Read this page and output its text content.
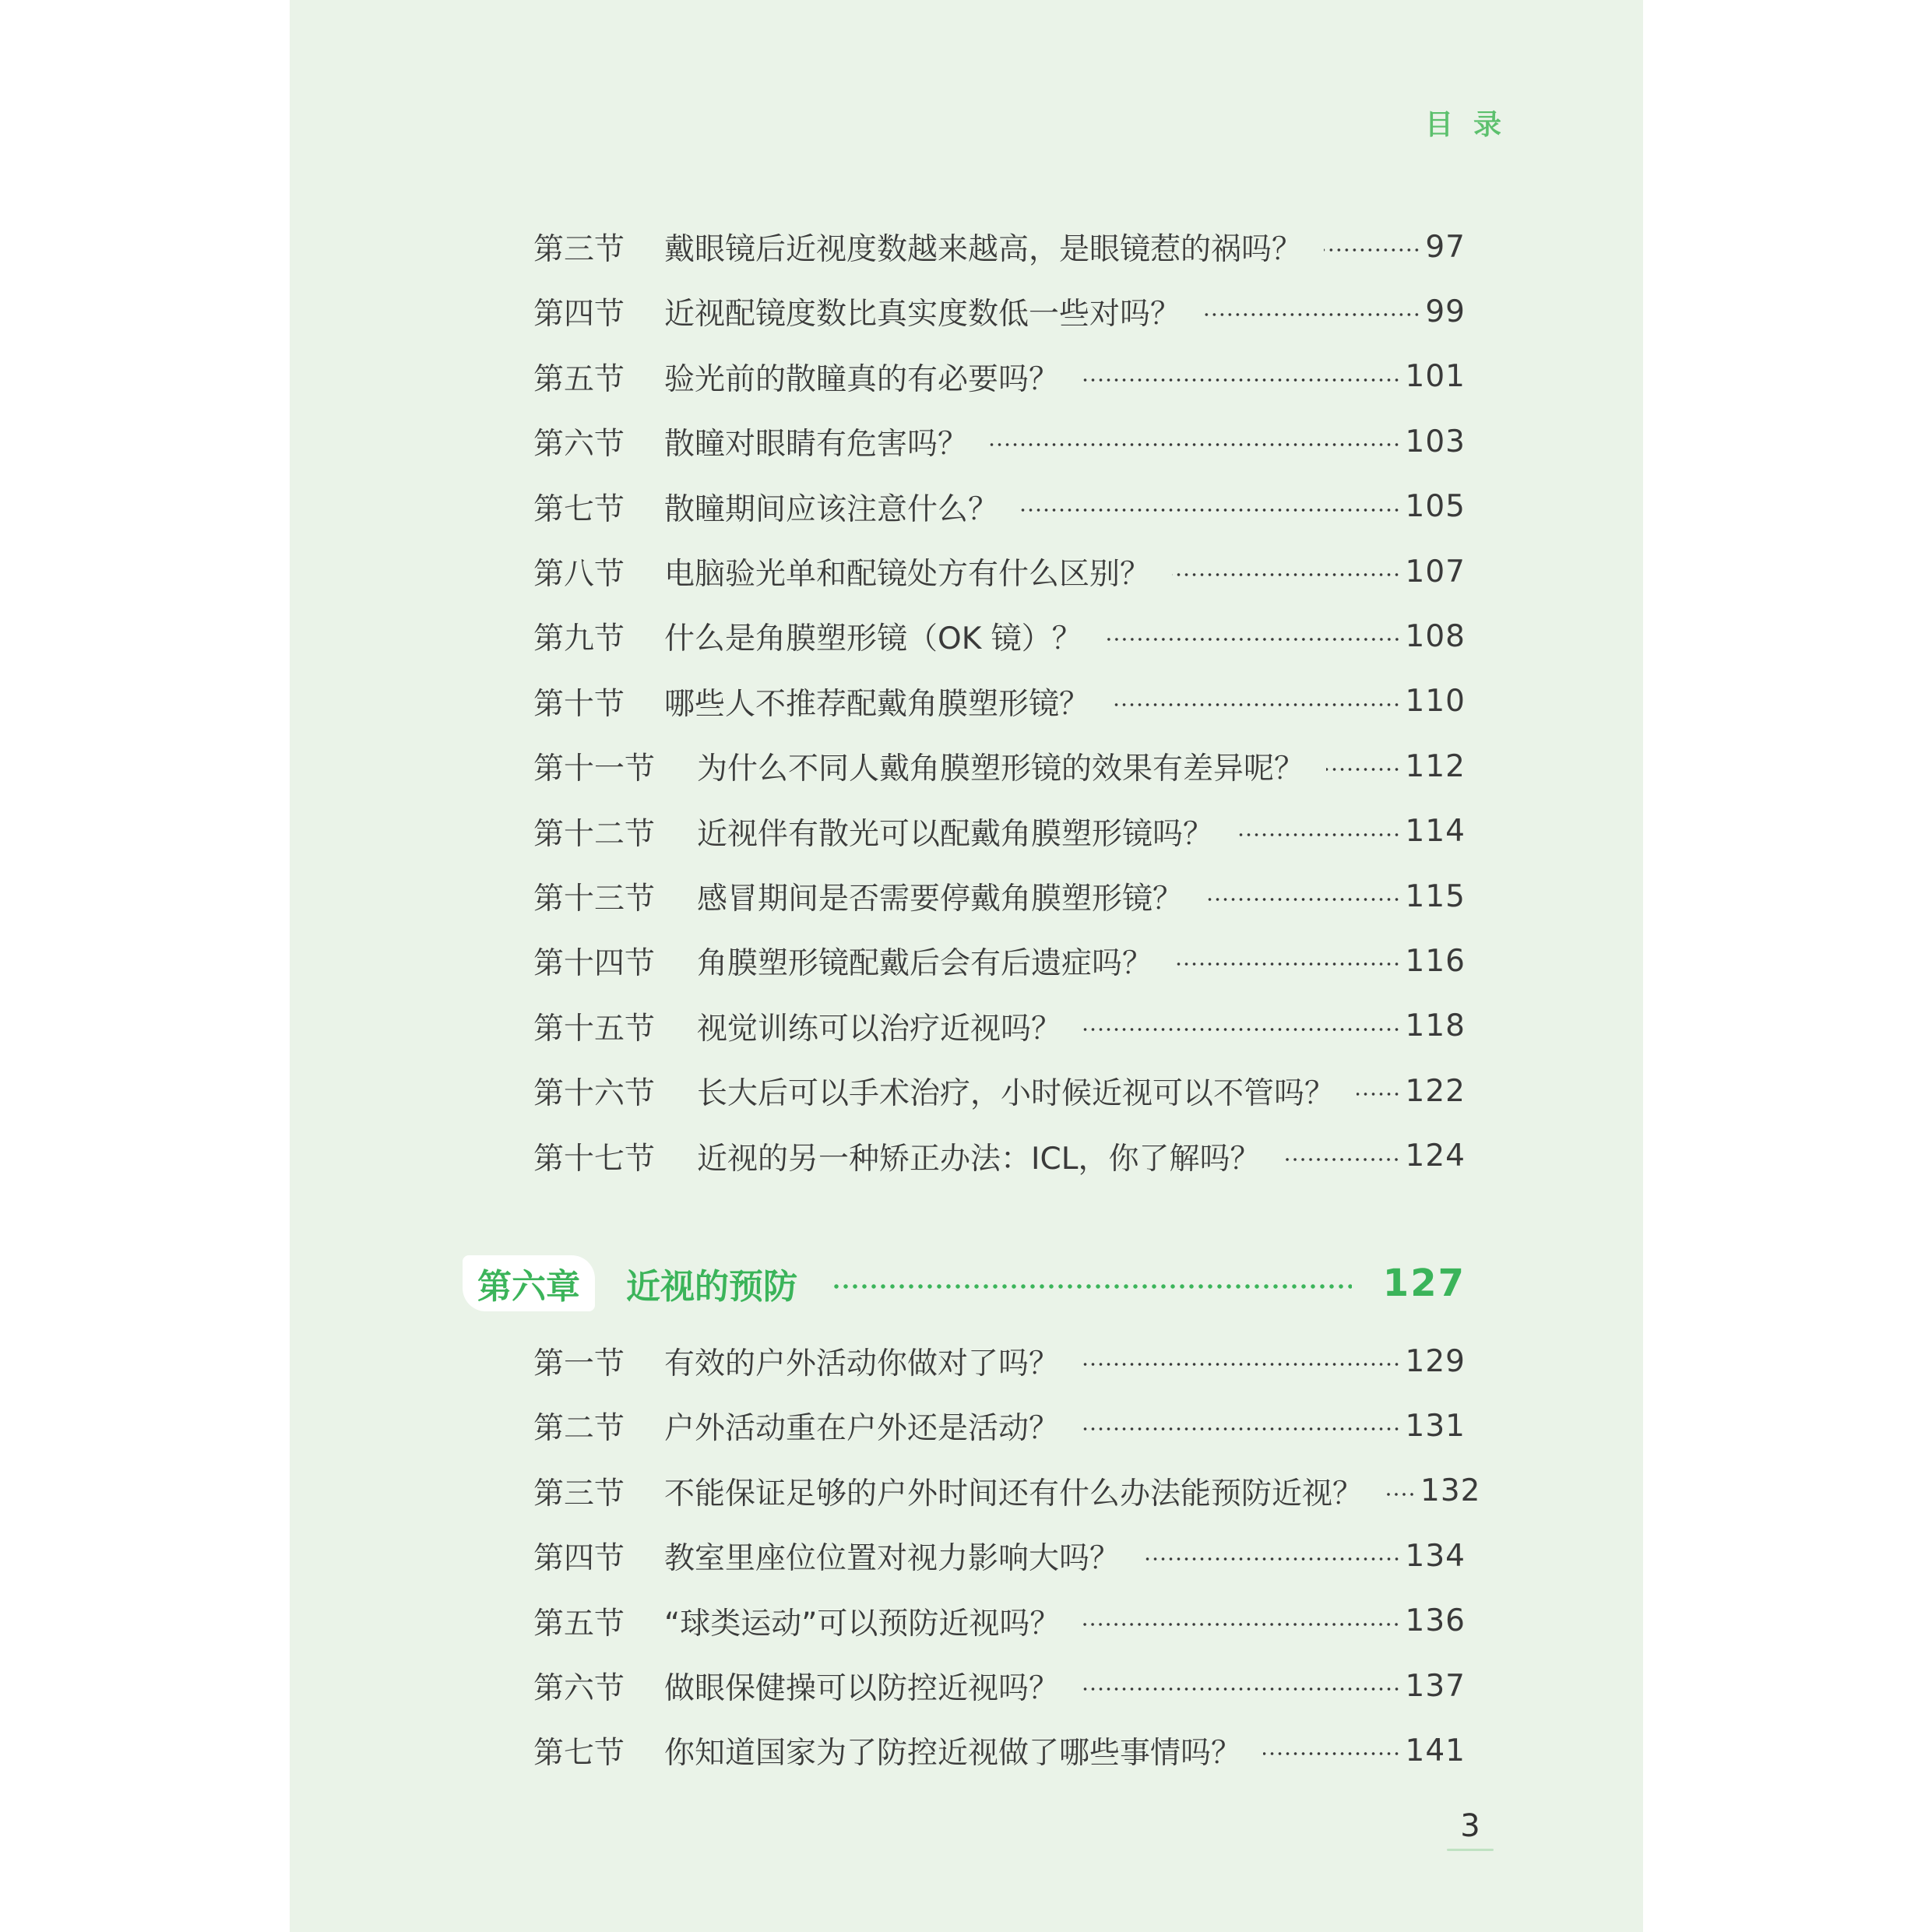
目录
第三节	戴眼镜后近视度数越来越高，是眼镜惹的祸吗？	97
第四节	近视配镜度数比真实度数低一些对吗？	99
第五节	验光前的散瞳真的有必要吗？	101
第六节	散瞳对眼睛有危害吗？	103
第七节	散瞳期间应该注意什么？	105
第八节	电脑验光单和配镜处方有什么区别？	107
第九节	什么是角膜塑形镜（OK 镜）？	108
第十节	哪些人不推荐配戴角膜塑形镜？	110
第十一节	为什么不同人戴角膜塑形镜的效果有差异呢？	112
第十二节	近视伴有散光可以配戴角膜塑形镜吗？	114
第十三节	感冒期间是否需要停戴角膜塑形镜？	115
第十四节	角膜塑形镜配戴后会有后遗症吗？	116
第十五节	视觉训练可以治疗近视吗？	118
第十六节	长大后可以手术治疗，小时候近视可以不管吗？ 122
第十七节	近视的另一种矫正办法：ICL，你了解吗？	124
第六章	近视的预防	127
第一节	有效的户外活动你做对了吗？	129
第二节	户外活动重在户外还是活动？	131
第三节	不能保证足够的户外时间还有什么办法能预防近视？ 132
第四节	教室里座位位置对视力影响大吗？	134
第五节	“球类运动”可以预防近视吗？	136
第六节	做眼保健操可以防控近视吗？	137
第七节	你知道国家为了防控近视做了哪些事情吗？	141
3
